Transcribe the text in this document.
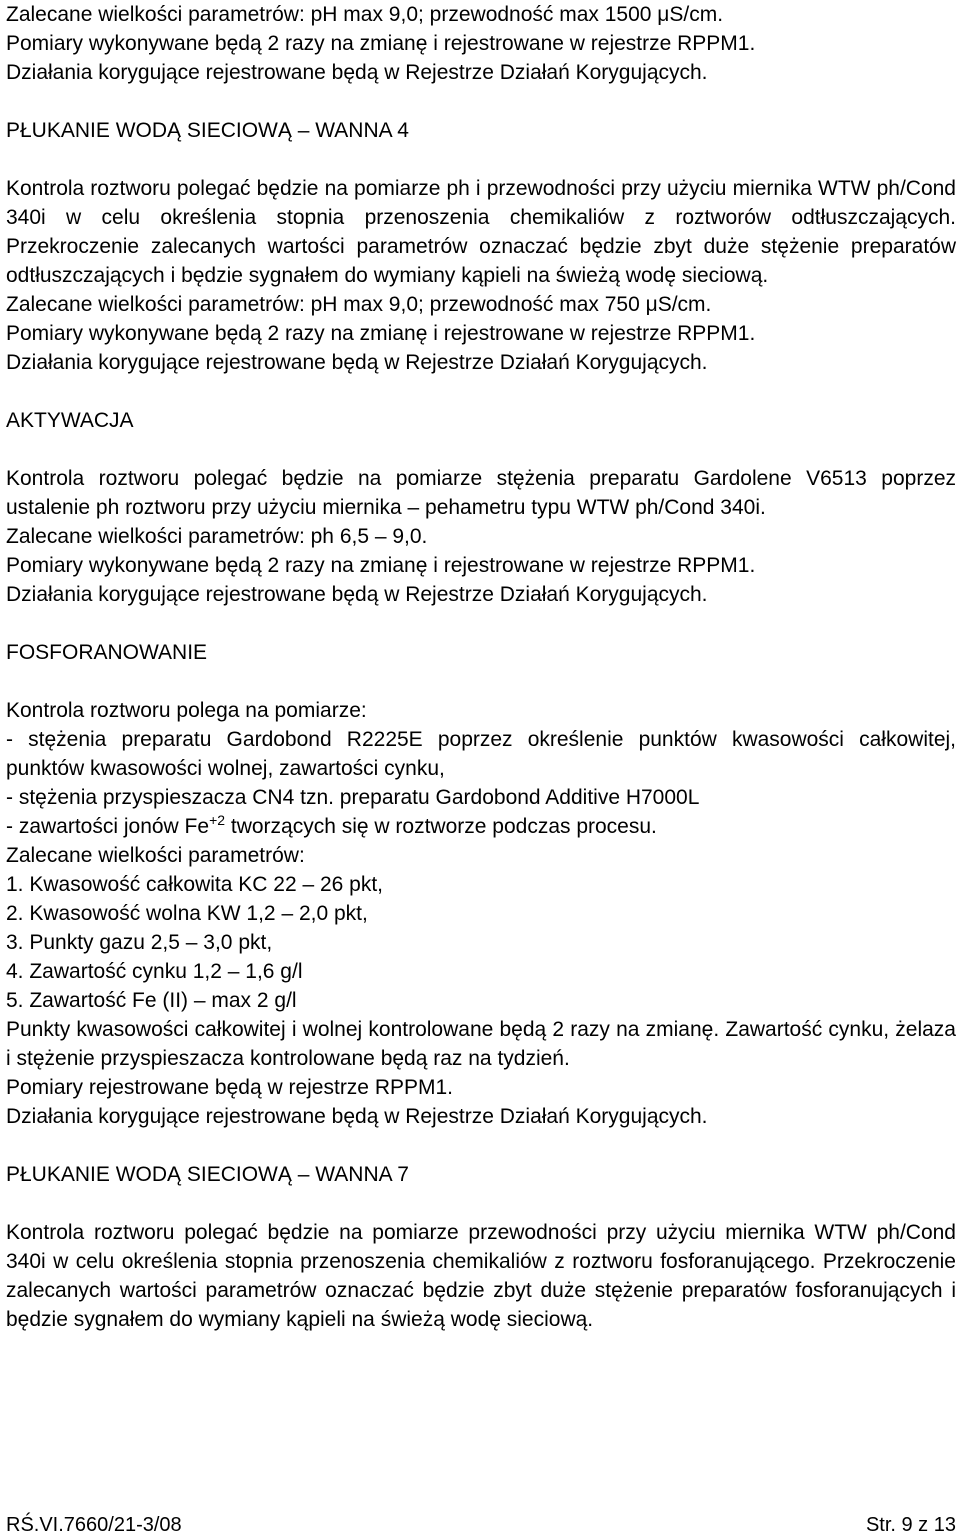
Zalecane wielkości parametrów: pH max 9,0; przewodność max 1500 μS/cm.

Pomiary wykonywane będą 2 razy na zmianę i rejestrowane w rejestrze RPPM1.

Działania korygujące rejestrowane będą w Rejestrze Działań Korygujących.

PŁUKANIE WODĄ SIECIOWĄ – WANNA 4

Kontrola roztworu polegać będzie na pomiarze ph i przewodności przy użyciu miernika WTW ph/Cond 340i w celu określenia stopnia przenoszenia chemikaliów z roztworów odtłuszczających. Przekroczenie zalecanych wartości parametrów oznaczać będzie zbyt duże stężenie preparatów odtłuszczających i będzie sygnałem do wymiany kąpieli na świeżą wodę sieciową.

Zalecane wielkości parametrów: pH max 9,0; przewodność max 750 μS/cm.

Pomiary wykonywane będą 2 razy na zmianę i rejestrowane w rejestrze RPPM1.

Działania korygujące rejestrowane będą w Rejestrze Działań Korygujących.

AKTYWACJA

Kontrola roztworu polegać będzie na pomiarze stężenia preparatu Gardolene V6513 poprzez ustalenie ph roztworu przy użyciu miernika – pehametru typu WTW ph/Cond 340i.

Zalecane wielkości parametrów: ph 6,5 – 9,0.

Pomiary wykonywane będą 2 razy na zmianę i rejestrowane w rejestrze RPPM1.

Działania korygujące rejestrowane będą w Rejestrze Działań Korygujących.

FOSFORANOWANIE

Kontrola roztworu polega na pomiarze:

- stężenia preparatu Gardobond R2225E poprzez określenie punktów kwasowości całkowitej, punktów kwasowości wolnej, zawartości cynku,

- stężenia przyspieszacza CN4 tzn. preparatu Gardobond Additive H7000L

- zawartości jonów $Fe^{+2}$ tworzących się w roztworze podczas procesu.

Zalecane wielkości parametrów:

1. Kwasowość całkowita KC 22 – 26 pkt,

2. Kwasowość wolna KW 1,2 – 2,0 pkt,

3. Punkty gazu 2,5 – 3,0 pkt,

4. Zawartość cynku 1,2 – 1,6 g/l

5. Zawartość Fe (II) – max 2 g/l

Punkty kwasowości całkowitej i wolnej kontrolowane będą 2 razy na zmianę. Zawartość cynku, żelaza i stężenie przyspieszacza kontrolowane będą raz na tydzień.

Pomiary rejestrowane będą w rejestrze RPPM1.

Działania korygujące rejestrowane będą w Rejestrze Działań Korygujących.

PŁUKANIE WODĄ SIECIOWĄ – WANNA 7

Kontrola roztworu polegać będzie na pomiarze przewodności przy użyciu miernika WTW ph/Cond 340i w celu określenia stopnia przenoszenia chemikaliów z roztworu fosforanującego. Przekroczenie zalecanych wartości parametrów oznaczać będzie zbyt duże stężenie preparatów fosforanujących i będzie sygnałem do wymiany kąpieli na świeżą wodę sieciową.

RŚ.VI.7660/21-3/08	Str. 9 z 13
